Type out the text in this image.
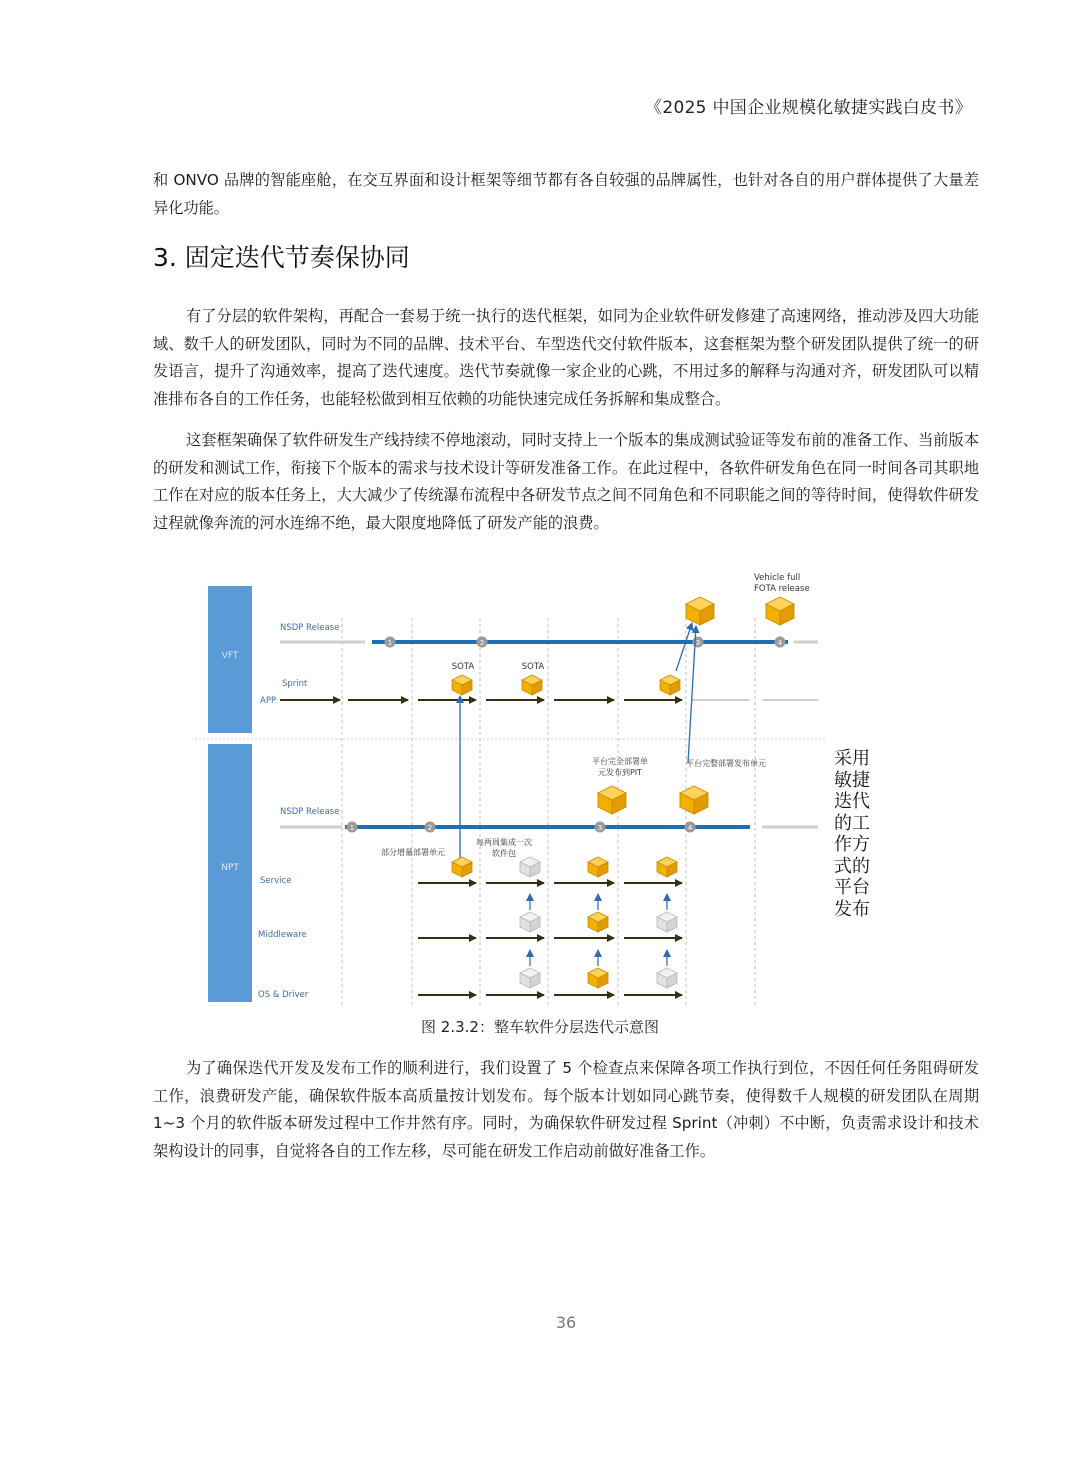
《2025 中国企业规模化敏捷实践白皮书》

和 ONVO 品牌的智能座舱，在交互界面和设计框架等细节都有各自较强的品牌属性，也针对各自的用户群体提供了大量差异化功能。

3. 固定迭代节奏保协同

有了分层的软件架构，再配合一套易于统一执行的迭代框架，如同为企业软件研发修建了高速网络，推动涉及四大功能域、数千人的研发团队，同时为不同的品牌、技术平台、车型迭代交付软件版本，这套框架为整个研发团队提供了统一的研发语言，提升了沟通效率，提高了迭代速度。迭代节奏就像一家企业的心跳，不用过多的解释与沟通对齐，研发团队可以精准排布各自的工作任务，也能轻松做到相互依赖的功能快速完成任务拆解和集成整合。

这套框架确保了软件研发生产线持续不停地滚动，同时支持上一个版本的集成测试验证等发布前的准备工作、当前版本的研发和测试工作，衔接下个版本的需求与技术设计等研发准备工作。在此过程中，各软件研发角色在同一时间各司其职地工作在对应的版本任务上，大大减少了传统瀑布流程中各研发节点之间不同角色和不同职能之间的等待时间，使得软件研发过程就像奔流的河水连绵不绝，最大限度地降低了研发产能的浪费。

VFT
NPT
NSDP Release
1	2	3	4
Vehicle full
FOTA release
Sprint
APP
SOTA	SOTA
平台完全部署单
元发布到PIT
平台完整部署发布单元
NSDP Release
1	2	3	4
部分增量部署单元
每两周集成一次
软件包
Service
Middleware
OS & Driver
采用敏捷迭代的工作方式的平台发布
图 2.3.2：整车软件分层迭代示意图

为了确保迭代开发及发布工作的顺利进行，我们设置了 5 个检查点来保障各项工作执行到位，不因任何任务阻碍研发工作，浪费研发产能，确保软件版本高质量按计划发布。每个版本计划如同心跳节奏，使得数千人规模的研发团队在周期 1~3 个月的软件版本研发过程中工作井然有序。同时，为确保软件研发过程 Sprint（冲刺）不中断，负责需求设计和技术架构设计的同事，自觉将各自的工作左移，尽可能在研发工作启动前做好准备工作。

36
